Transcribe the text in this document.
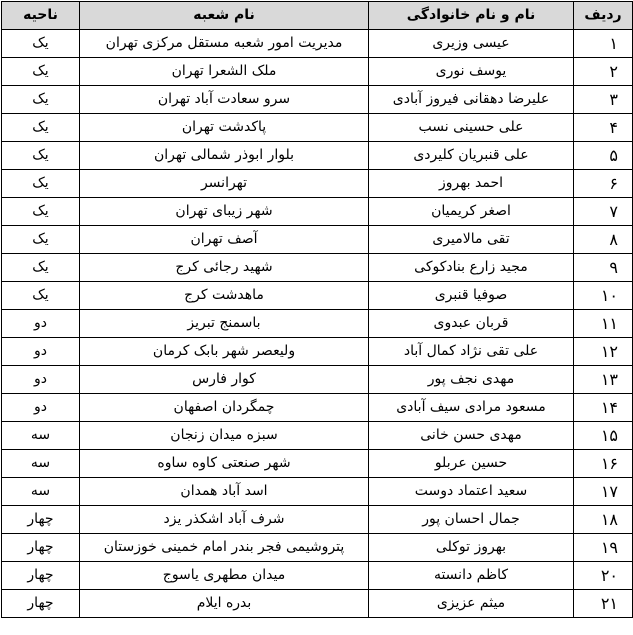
ردیف	نام و نام خانوادگی	نام شعبه	ناحیه
۱	عیسی وزیری	مدیریت امور شعبه مستقل مرکزی تهران	یک
۲	یوسف نوری	ملک الشعرا تهران	یک
۳	علیرضا دهقانی فیروز آبادی	سرو سعادت آباد تهران	یک
۴	علی حسینی نسب	پاکدشت تهران	یک
۵	علی قنبریان کلیردی	بلوار ابوذر شمالی تهران	یک
۶	احمد بهروز	تهرانسر	یک
۷	اصغر کریمیان	شهر زیبای تهران	یک
۸	تقی مالامیری	آصف تهران	یک
۹	مجید زارع بنادکوکی	شهید رجائی کرج	یک
۱۰	صوفیا قنبری	ماهدشت کرج	یک
۱۱	قربان عبدوی	باسمنج تبریز	دو
۱۲	علی تقی نژاد کمال آباد	ولیعصر شهر بابک کرمان	دو
۱۳	مهدی نجف پور	کوار فارس	دو
۱۴	مسعود مرادی سیف آبادی	چمگردان اصفهان	دو
۱۵	مهدی حسن خانی	سبزه میدان زنجان	سه
۱۶	حسین عربلو	شهر صنعتی کاوه ساوه	سه
۱۷	سعید اعتماد دوست	اسد آباد همدان	سه
۱۸	جمال احسان پور	شرف آباد اشکذر یزد	چهار
۱۹	بهروز توکلی	پتروشیمی فجر بندر امام خمینی خوزستان	چهار
۲۰	کاظم دانسته	میدان مطهری یاسوج	چهار
۲۱	میثم عزیزی	بدره ایلام	چهار
